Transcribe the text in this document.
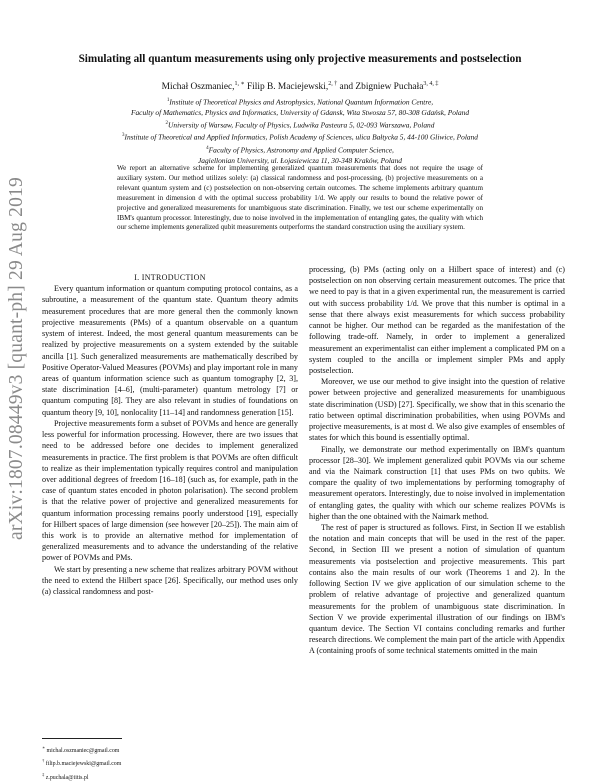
arXiv:1807.08449v3 [quant-ph] 29 Aug 2019
Simulating all quantum measurements using only projective measurements and postselection
Michał Oszmaniec,$^{1, ∗}$ Filip B. Maciejewski,$^{2, \dagger}$ and Zbigniew Puchała$^{3, 4, \ddagger}$
$^1$Institute of Theoretical Physics and Astrophysics, National Quantum Information Centre,
Faculty of Mathematics, Physics and Informatics, University of Gdansk, Wita Stwosza 57, 80-308 Gdańsk, Poland
$^2$University of Warsaw, Faculty of Physics, Ludwika Pasteura 5, 02-093 Warszawa, Poland
$^3$Institute of Theoretical and Applied Informatics, Polish Academy of Sciences, ulica Bałtycka 5, 44-100 Gliwice, Poland
$^4$Faculty of Physics, Astronomy and Applied Computer Science,
Jagiellonian University, ul. Łojasiewicza 11, 30-348 Kraków, Poland
We report an alternative scheme for implementing generalized quantum measurements that does not require the usage of auxiliary system. Our method utilizes solely: (a) classical randomness and post-processing, (b) projective measurements on a relevant quantum system and (c) postselection on non-observing certain outcomes. The scheme implements arbitrary quantum measurement in dimension d with the optimal success probability 1/d. We apply our results to bound the relative power of projective and generalized measurements for unambiguous state discrimination. Finally, we test our scheme experimentally on IBM's quantum processor. Interestingly, due to noise involved in the implementation of entangling gates, the quality with which our scheme implements generalized qubit measurements outperforms the standard construction using the auxiliary system.

I. INTRODUCTION

Every quantum information or quantum computing protocol contains, as a subroutine, a measurement of the quantum state. Quantum theory admits measurement procedures that are more general then the commonly known projective measurements (PMs) of a quantum observable on a quantum system of interest. Indeed, the most general quantum measurements can be realized by projective measurements on a system extended by the suitable ancilla [1]. Such generalized measurements are mathematically described by Positive Operator-Valued Measures (POVMs) and play important role in many areas of quantum information science such as quantum tomography [2, 3], state discrimination [4–6], (multi-parameter) quantum metrology [7] or quantum computing [8]. They are also relevant in studies of foundations on quantum theory [9, 10], nonlocality [11–14] and randomness generation [15].

Projective measurements form a subset of POVMs and hence are generally less powerful for information processing. However, there are two issues that need to be addressed before one decides to implement generalized measurements in practice. The first problem is that POVMs are often difficult to realize as their implementation typically requires control and manipulation over additional degrees of freedom [16–18] (such as, for example, path in the case of quantum states encoded in photon polarisation). The second problem is that the relative power of projective and generalized measurements for quantum information processing remains poorly understood [19], especially for Hilbert spaces of large dimension (see however [20–25]). The main aim of this work is to provide an alternative method for implementation of generalized measurements and to advance the understanding of the relative power of POVMs and PMs.

We start by presenting a new scheme that realizes arbitrary POVM without the need to extend the Hilbert space [26]. Specifically, our method uses only (a) classical randomness and post-

processing, (b) PMs (acting only on a Hilbert space of interest) and (c) postselection on non observing certain measurement outcomes. The price that we need to pay is that in a given experimental run, the measurement is carried out with success probability 1/d. We prove that this number is optimal in a sense that there always exist measurements for which success probability cannot be higher. Our method can be regarded as the manifestation of the following trade-off. Namely, in order to implement a generalized measurement an experimentalist can either implement a complicated PM on a system coupled to the ancilla or implement simpler PMs and apply postselection.

Moreover, we use our method to give insight into the question of relative power between projective and generalized measurements for unambiguous state discrimination (USD) [27]. Specifically, we show that in this scenario the ratio between optimal discrimination probabilities, when using POVMs and projective measurements, is at most d. We also give examples of ensembles of states for which this bound is essentially optimal.

Finally, we demonstrate our method experimentally on IBM's quantum processor [28–30]. We implement generalized qubit POVMs via our scheme and via the Naimark construction [1] that uses PMs on two qubits. We compare the quality of two implementations by performing tomography of measurement operators. Interestingly, due to noise involved in implementation of entangling gates, the quality with which our scheme realizes POVMs is higher than the one obtained with the Naimark method.

The rest of paper is structured as follows. First, in Section II we establish the notation and main concepts that will be used in the rest of the paper. Second, in Section III we present a notion of simulation of quantum measurements via postselection and projective measurements. This part contains also the main results of our work (Theorems 1 and 2). In the following Section IV we give application of our simulation scheme to the problem of relative advantage of projective and generalized quantum measurements for the problem of unambiguous state discrimination. In Section V we provide experimental illustration of our findings on IBM's quantum device. The Section VI contains concluding remarks and further research directions. We complement the main part of the article with Appendix A (containing proofs of some technical statements omitted in the main

∗ michal.oszmaniec@gmail.com
† filip.b.maciejewski@gmail.com
‡ z.puchala@iitis.pl
